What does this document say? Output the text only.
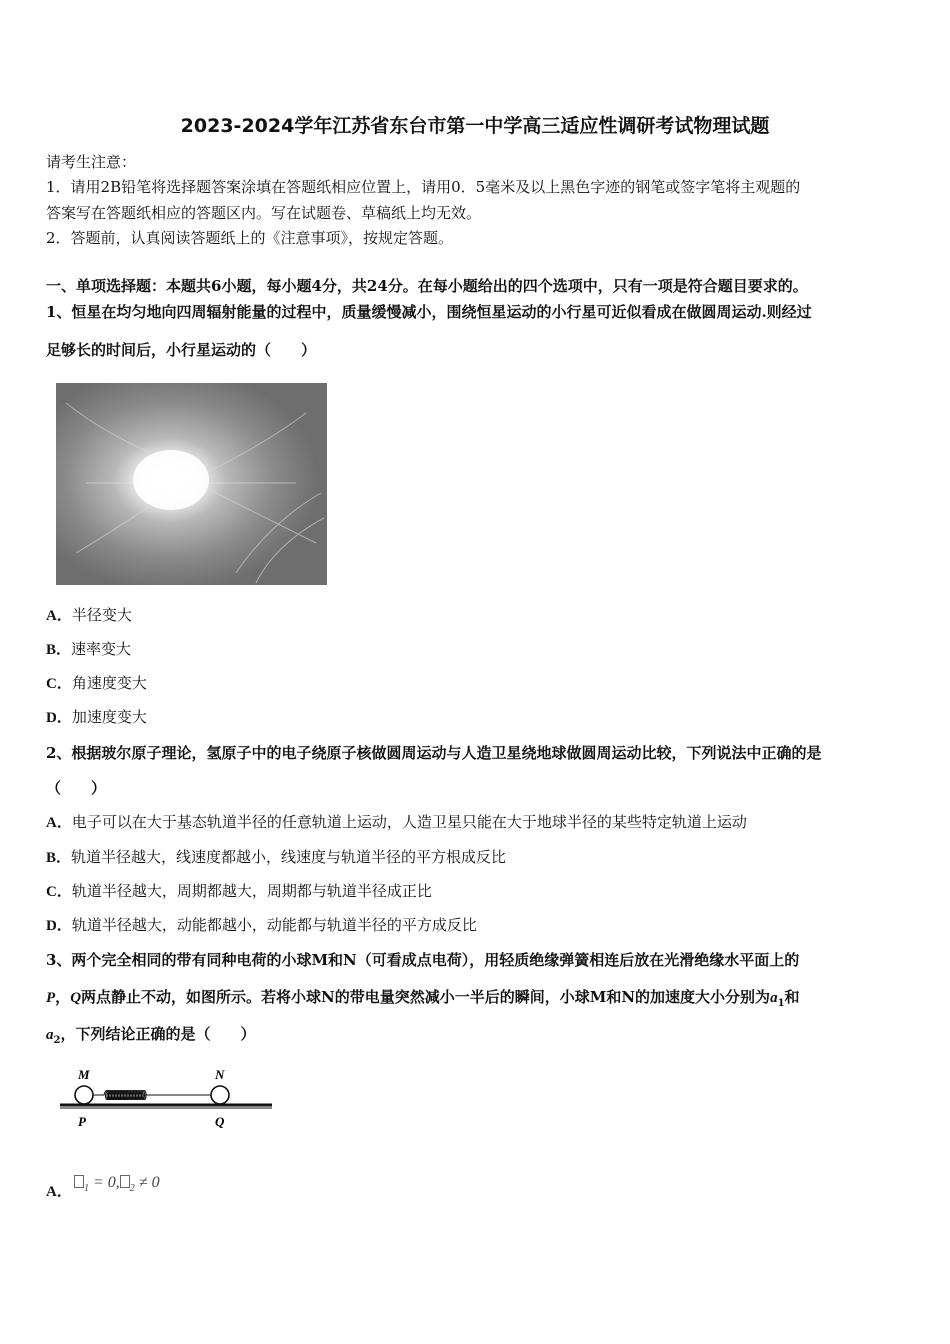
2023-2024学年江苏省东台市第一中学高三适应性调研考试物理试题
请考生注意：
1．请用2B铅笔将选择题答案涂填在答题纸相应位置上，请用0．5毫米及以上黑色字迹的钢笔或签字笔将主观题的
答案写在答题纸相应的答题区内。写在试题卷、草稿纸上均无效。
2．答题前，认真阅读答题纸上的《注意事项》，按规定答题。
一、单项选择题：本题共6小题，每小题4分，共24分。在每小题给出的四个选项中，只有一项是符合题目要求的。
1、恒星在均匀地向四周辐射能量的过程中，质量缓慢减小，围绕恒星运动的小行星可近似看成在做圆周运动.则经过
足够长的时间后，小行星运动的（　　）
A．半径变大
B．速率变大
C．角速度变大
D．加速度变大
2、根据玻尔原子理论，氢原子中的电子绕原子核做圆周运动与人造卫星绕地球做圆周运动比较，下列说法中正确的是
（　　）
A．电子可以在大于基态轨道半径的任意轨道上运动，人造卫星只能在大于地球半径的某些特定轨道上运动
B．轨道半径越大，线速度都越小，线速度与轨道半径的平方根成反比
C．轨道半径越大，周期都越大，周期都与轨道半径成正比
D．轨道半径越大，动能都越小，动能都与轨道半径的平方成反比
3、两个完全相同的带有同种电荷的小球M和N（可看成点电荷），用轻质绝缘弹簧相连后放在光滑绝缘水平面上的
P，Q两点静止不动，如图所示。若将小球N的带电量突然减小一半后的瞬间，小球M和N的加速度大小分别为$a_1$和
$a_2$，下列结论正确的是（　　）
M	N
P	Q
A．	$_1$ = 0, $_2$ ≠ 0
